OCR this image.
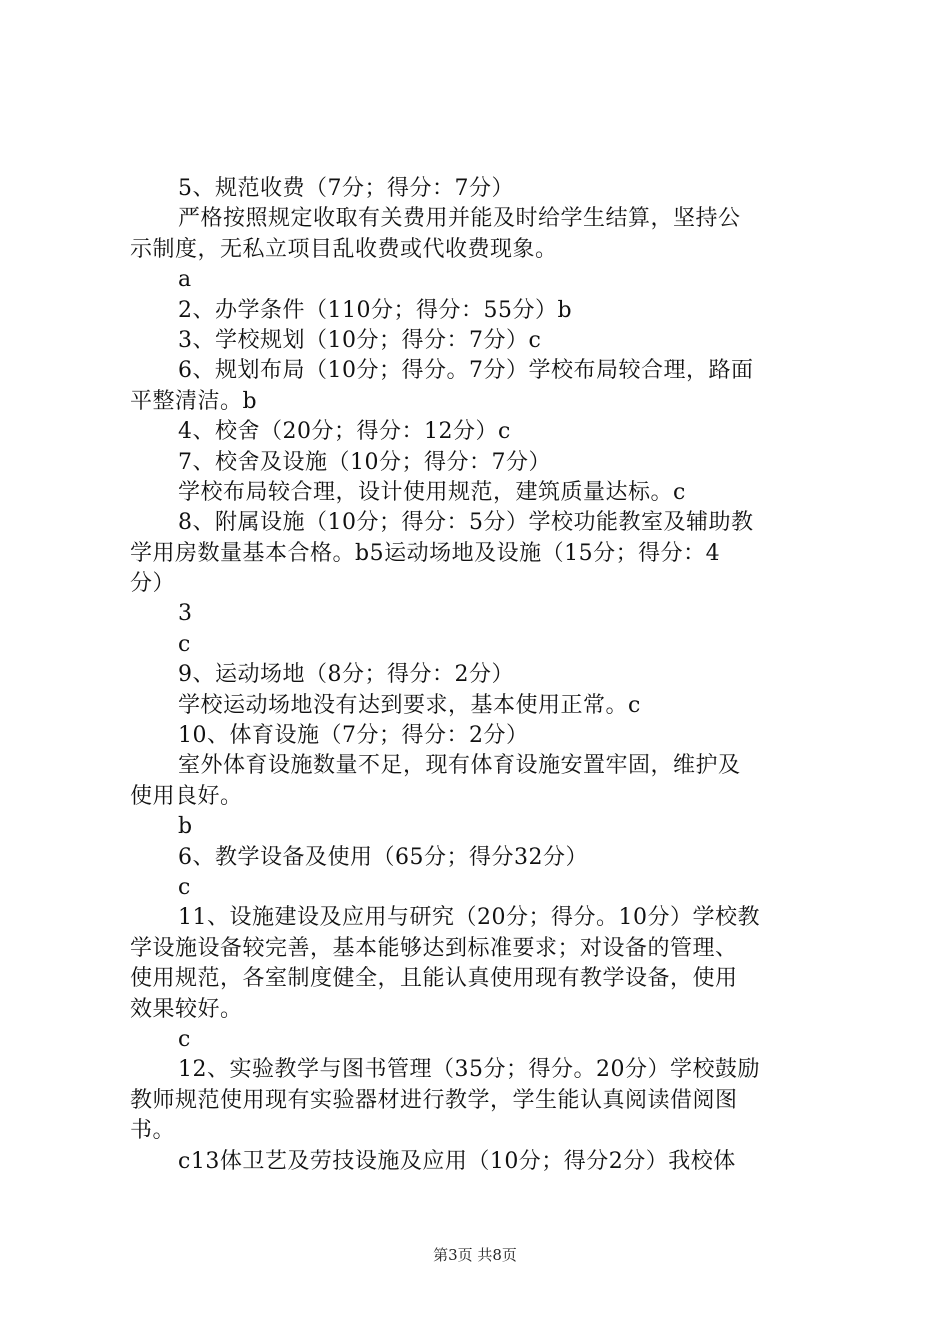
5、规范收费（7分；得分：7分）
严格按照规定收取有关费用并能及时给学生结算，坚持公
示制度，无私立项目乱收费或代收费现象。
a
2、办学条件（110分；得分：55分）b
3、学校规划（10分；得分：7分）c
6、规划布局（10分；得分。7分）学校布局较合理，路面
平整清洁。b
4、校舍（20分；得分：12分）c
7、校舍及设施（10分；得分：7分）
学校布局较合理，设计使用规范，建筑质量达标。c
8、附属设施（10分；得分：5分）学校功能教室及辅助教
学用房数量基本合格。b5运动场地及设施（15分；得分：4
分）
3
c
9、运动场地（8分；得分：2分）
学校运动场地没有达到要求，基本使用正常。c
10、体育设施（7分；得分：2分）
室外体育设施数量不足，现有体育设施安置牢固，维护及
使用良好。
b
6、教学设备及使用（65分；得分32分）
c
11、设施建设及应用与研究（20分；得分。10分）学校教
学设施设备较完善，基本能够达到标准要求；对设备的管理、
使用规范，各室制度健全，且能认真使用现有教学设备，使用
效果较好。
c
12、实验教学与图书管理（35分；得分。20分）学校鼓励
教师规范使用现有实验器材进行教学，学生能认真阅读借阅图
书。
c13体卫艺及劳技设施及应用（10分；得分2分）我校体
第3页 共8页
